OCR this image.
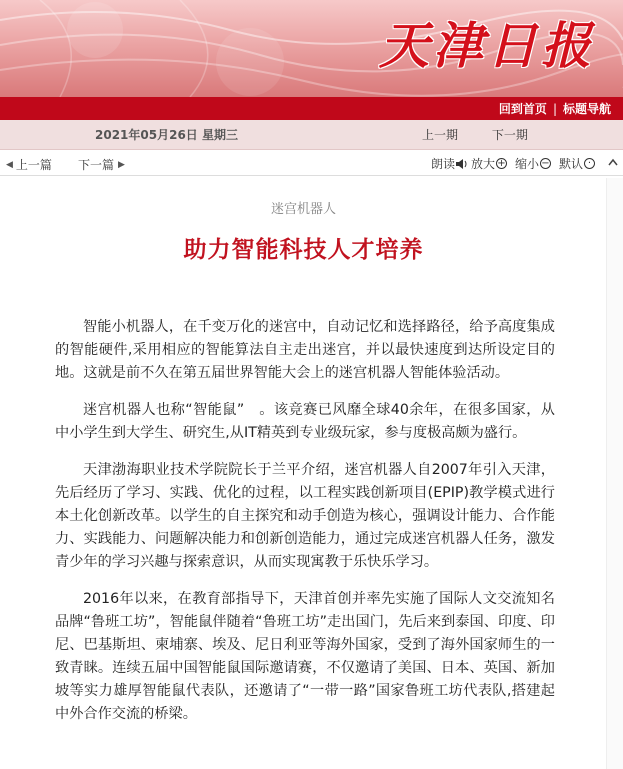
天津日报
回到首页 | 标题导航
2021年05月26日 星期三	上一期	下一期
◀ 上一篇 下一篇 ▶	朗读 放大 + 缩小 − 默认 ·
迷宫机器人
助力智能科技人才培养

智能小机器人，在千变万化的迷宫中，自动记忆和选择路径，给予高度集成的智能硬件,采用相应的智能算法自主走出迷宫，并以最快速度到达所设定目的地。这就是前不久在第五届世界智能大会上的迷宫机器人智能体验活动。

迷宫机器人也称“智能鼠”　。该竞赛已风靡全球40余年，在很多国家，从中小学生到大学生、研究生,从IT精英到专业级玩家，参与度极高颇为盛行。

天津渤海职业技术学院院长于兰平介绍，迷宫机器人自2007年引入天津，先后经历了学习、实践、优化的过程，以工程实践创新项目(EPIP)教学模式进行本土化创新改革。以学生的自主探究和动手创造为核心，强调设计能力、合作能力、实践能力、问题解决能力和创新创造能力，通过完成迷宫机器人任务，激发青少年的学习兴趣与探索意识，从而实现寓教于乐快乐学习。

2016年以来，在教育部指导下，天津首创并率先实施了国际人文交流知名品牌“鲁班工坊”，智能鼠伴随着“鲁班工坊”走出国门，先后来到泰国、印度、印尼、巴基斯坦、柬埔寨、埃及、尼日利亚等海外国家，受到了海外国家师生的一致青睐。连续五届中国智能鼠国际邀请赛，不仅邀请了美国、日本、英国、新加坡等实力雄厚智能鼠代表队，还邀请了“一带一路”国家鲁班工坊代表队,搭建起中外合作交流的桥梁。
